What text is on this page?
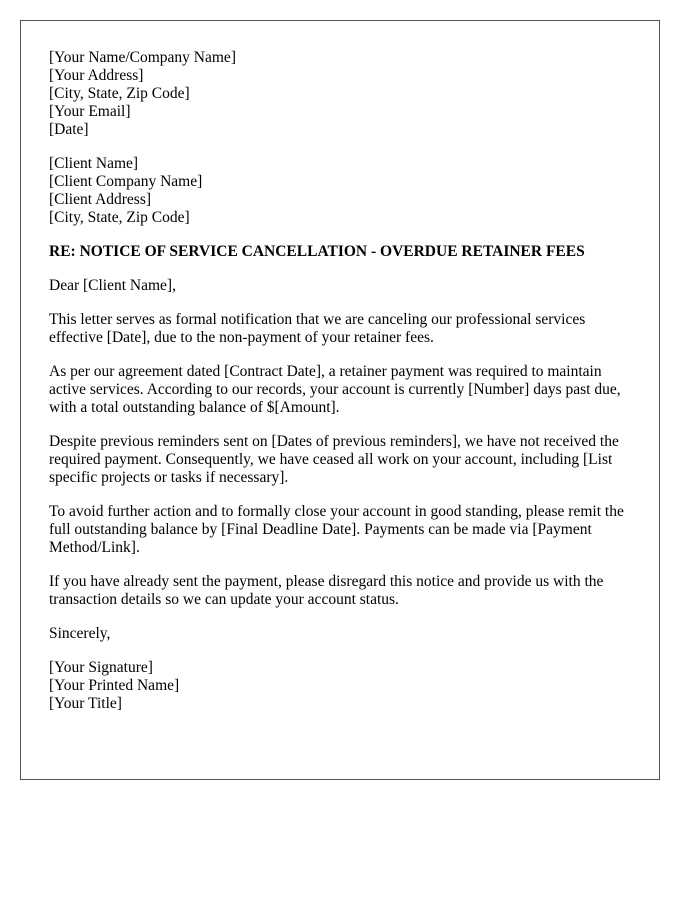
[Your Name/Company Name]
[Your Address]
[City, State, Zip Code]
[Your Email]
[Date]
[Client Name]
[Client Company Name]
[Client Address]
[City, State, Zip Code]

RE: NOTICE OF SERVICE CANCELLATION - OVERDUE RETAINER FEES

Dear [Client Name],

This letter serves as formal notification that we are canceling our professional services effective [Date], due to the non-payment of your retainer fees.

As per our agreement dated [Contract Date], a retainer payment was required to maintain active services. According to our records, your account is currently [Number] days past due, with a total outstanding balance of $[Amount].

Despite previous reminders sent on [Dates of previous reminders], we have not received the required payment. Consequently, we have ceased all work on your account, including [List specific projects or tasks if necessary].

To avoid further action and to formally close your account in good standing, please remit the full outstanding balance by [Final Deadline Date]. Payments can be made via [Payment Method/Link].

If you have already sent the payment, please disregard this notice and provide us with the transaction details so we can update your account status.

Sincerely,

[Your Signature]
[Your Printed Name]
[Your Title]
